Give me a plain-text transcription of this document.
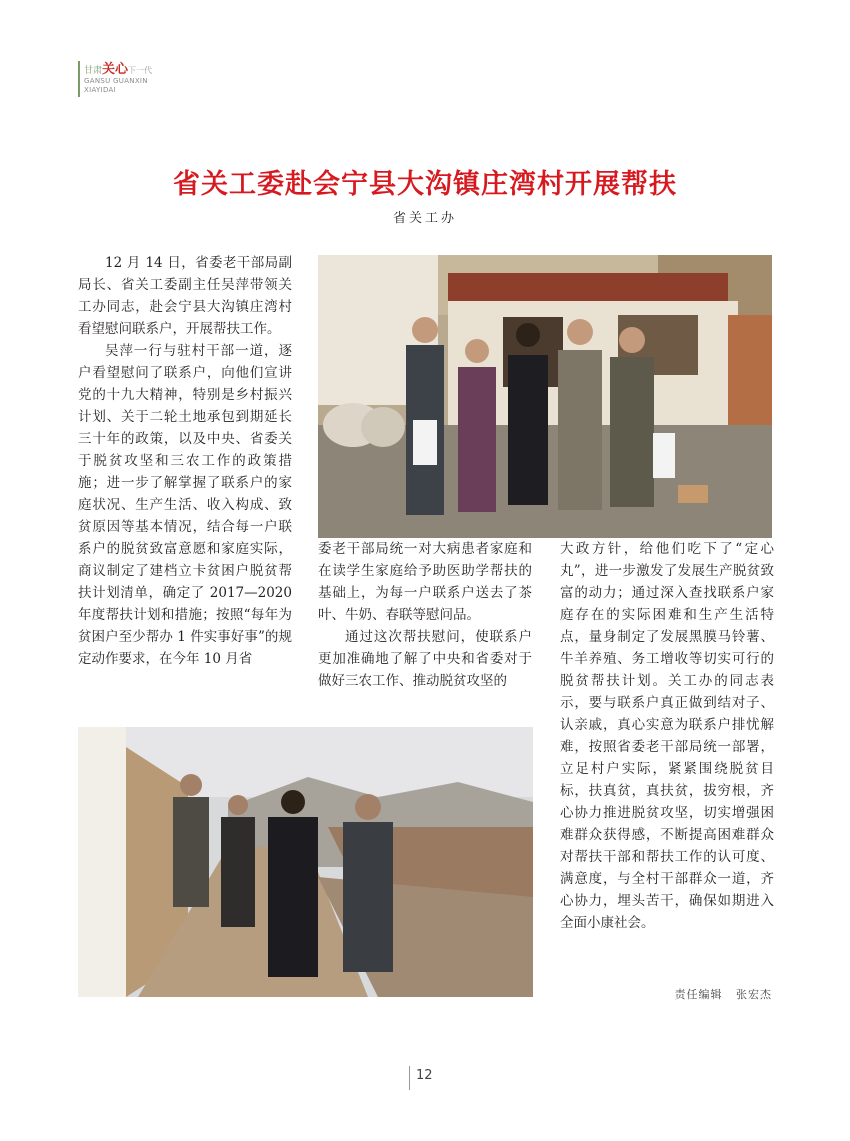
甘肃关心下一代
GANSU GUANXIN
XIAYIDAI
省关工委赴会宁县大沟镇庄湾村开展帮扶
省关工办

12 月 14 日，省委老干部局副局长、省关工委副主任吴萍带领关工办同志，赴会宁县大沟镇庄湾村看望慰问联系户，开展帮扶工作。

吴萍一行与驻村干部一道，逐户看望慰问了联系户，向他们宣讲党的十九大精神，特别是乡村振兴计划、关于二轮土地承包到期延长三十年的政策，以及中央、省委关于脱贫攻坚和三农工作的政策措施；进一步了解掌握了联系户的家庭状况、生产生活、收入构成、致贫原因等基本情况，结合每一户联系户的脱贫致富意愿和家庭实际，商议制定了建档立卡贫困户脱贫帮扶计划清单，确定了 2017—2020 年度帮扶计划和措施；按照“每年为贫困户至少帮办 1 件实事好事”的规定动作要求，在今年 10 月省

委老干部局统一对大病患者家庭和在读学生家庭给予助医助学帮扶的基础上，为每一户联系户送去了茶叶、牛奶、春联等慰问品。

通过这次帮扶慰问，使联系户更加准确地了解了中央和省委对于做好三农工作、推动脱贫攻坚的

大政方针，给他们吃下了“定心丸”，进一步激发了发展生产脱贫致富的动力；通过深入查找联系户家庭存在的实际困难和生产生活特点，量身制定了发展黑膜马铃薯、牛羊养殖、务工增收等切实可行的脱贫帮扶计划。关工办的同志表示，要与联系户真正做到结对子、认亲戚，真心实意为联系户排忧解难，按照省委老干部局统一部署，立足村户实际，紧紧围绕脱贫目标，扶真贫，真扶贫，拔穷根，齐心协力推进脱贫攻坚，切实增强困难群众获得感，不断提高困难群众对帮扶干部和帮扶工作的认可度、满意度，与全村干部群众一道，齐心协力，埋头苦干，确保如期进入全面小康社会。

责任编辑 张宏杰
12
